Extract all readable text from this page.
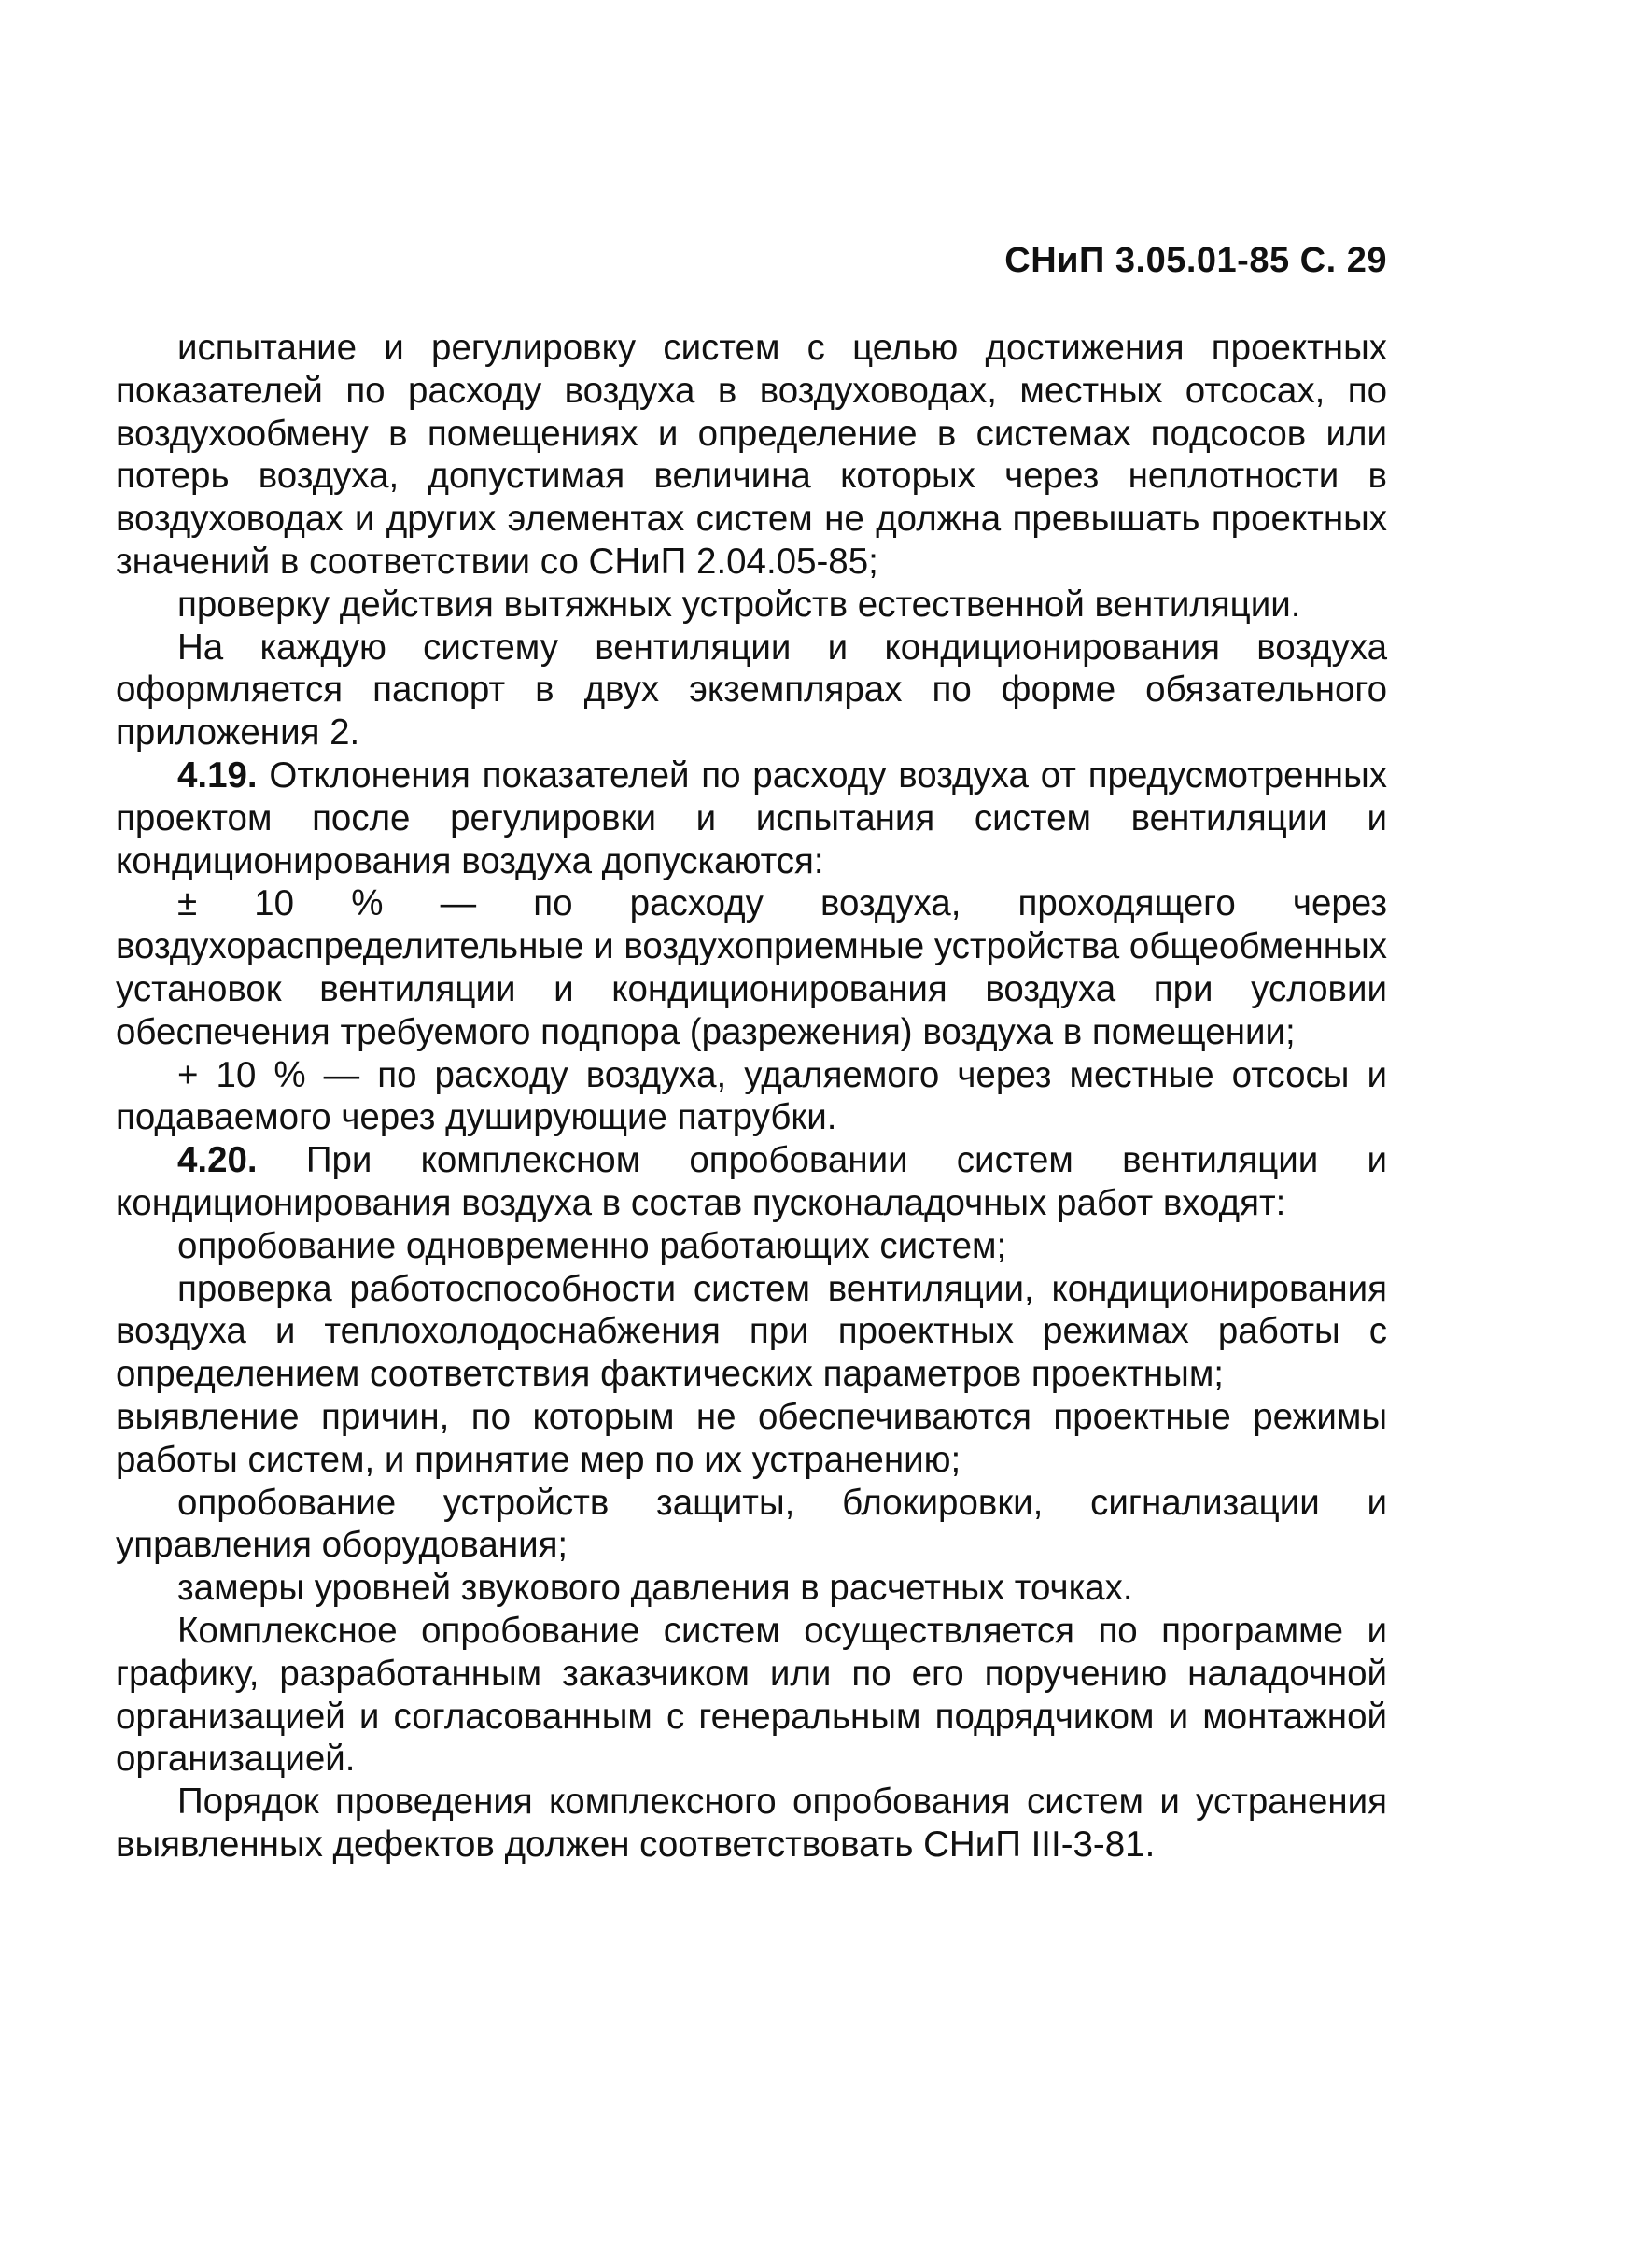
СНиП 3.05.01-85 С. 29

испытание и регулировку систем с целью достижения проектных показателей по расходу воздуха в воздуховодах, местных отсосах, по воздухообмену в помещениях и определение в системах подсосов или потерь воздуха, допустимая величина которых через неплотности в воздуховодах и других элементах систем не должна превышать проектных значений в соответствии со СНиП 2.04.05-85;

проверку действия вытяжных устройств естественной вентиляции.

На каждую систему вентиляции и кондиционирования воздуха оформляется паспорт в двух экземплярах по форме обязательного приложения 2.

4.19. Отклонения показателей по расходу воздуха от предусмотренных проектом после регулировки и испытания систем вентиляции и кондиционирования воздуха допускаются:

± 10 % — по расходу воздуха, проходящего через воздухораспределительные и воздухоприемные устройства общеобменных установок вентиляции и кондиционирования воздуха при условии обеспечения требуемого подпора (разрежения) воздуха в помещении;

+ 10 % — по расходу воздуха, удаляемого через местные отсосы и подаваемого через душирующие патрубки.

4.20. При комплексном опробовании систем вентиляции и кондиционирования воздуха в состав пусконаладочных работ входят:

опробование одновременно работающих систем;

проверка работоспособности систем вентиляции, кондиционирования воздуха и теплохолодоснабжения при проектных режимах работы с определением соответствия фактических параметров проектным;

выявление причин, по которым не обеспечиваются проектные режимы работы систем, и принятие мер по их устранению;

опробование устройств защиты, блокировки, сигнализации и управления оборудования;

замеры уровней звукового давления в расчетных точках.

Комплексное опробование систем осуществляется по программе и графику, разработанным заказчиком или по его поручению наладочной организацией и согласованным с генеральным подрядчиком и монтажной организацией.

Порядок проведения комплексного опробования систем и устранения выявленных дефектов должен соответствовать СНиП III-3-81.
